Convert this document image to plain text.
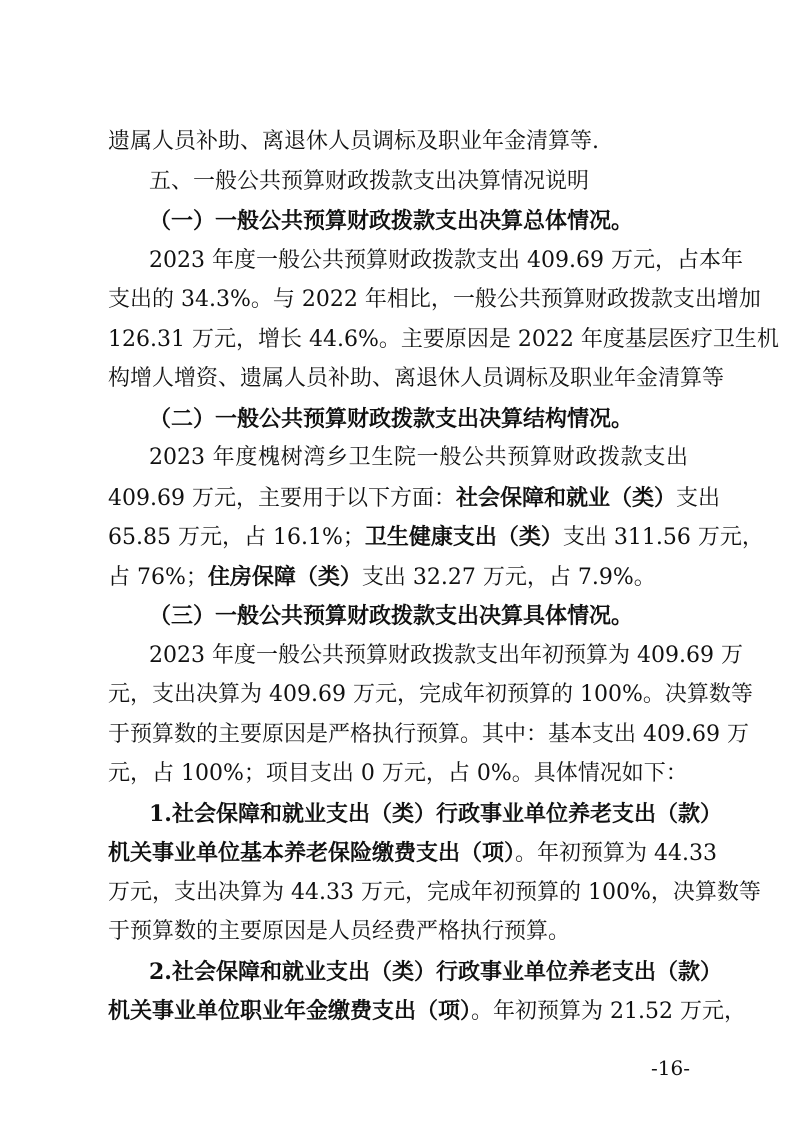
遗属人员补助、离退休人员调标及职业年金清算等.
五、一般公共预算财政拨款支出决算情况说明
（一）一般公共预算财政拨款支出决算总体情况。
2023 年度一般公共预算财政拨款支出 409.69 万元，占本年
支出的 34.3%。与 2022 年相比，一般公共预算财政拨款支出增加
126.31 万元，增长 44.6%。主要原因是 2022 年度基层医疗卫生机
构增人增资、遗属人员补助、离退休人员调标及职业年金清算等
（二）一般公共预算财政拨款支出决算结构情况。
2023 年度槐树湾乡卫生院一般公共预算财政拨款支出
409.69 万元，主要用于以下方面：社会保障和就业（类）支出
65.85 万元，占 16.1%；卫生健康支出（类）支出 311.56 万元，
占 76%；住房保障（类）支出 32.27 万元，占 7.9%。
（三）一般公共预算财政拨款支出决算具体情况。
2023 年度一般公共预算财政拨款支出年初预算为 409.69 万
元，支出决算为 409.69 万元，完成年初预算的 100%。决算数等
于预算数的主要原因是严格执行预算。其中：基本支出 409.69 万
元，占 100%；项目支出 0 万元，占 0%。具体情况如下：
1.社会保障和就业支出（类）行政事业单位养老支出（款）
机关事业单位基本养老保险缴费支出（项）。年初预算为 44.33
万元，支出决算为 44.33 万元，完成年初预算的 100%，决算数等
于预算数的主要原因是人员经费严格执行预算。
2.社会保障和就业支出（类）行政事业单位养老支出（款）
机关事业单位职业年金缴费支出（项）。年初预算为 21.52 万元，
-16-
